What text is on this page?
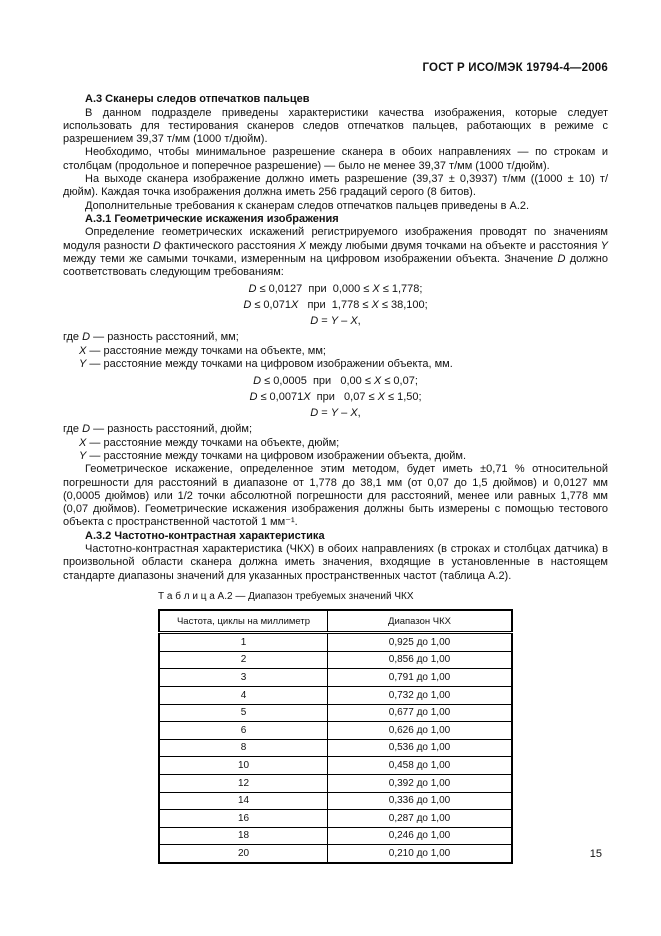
ГОСТ Р ИСО/МЭК 19794-4—2006
А.3 Сканеры следов отпечатков пальцев

В данном подразделе приведены характеристики качества изображения, которые следует использовать для тестирования сканеров следов отпечатков пальцев, работающих в режиме с разрешением 39,37 т/мм (1000 т/дюйм).

Необходимо, чтобы минимальное разрешение сканера в обоих направлениях — по строкам и столбцам (продольное и поперечное разрешение) — было не менее 39,37 т/мм (1000 т/дюйм).

На выходе сканера изображение должно иметь разрешение (39,37 ± 0,3937) т/мм ((1000 ± 10) т/дюйм). Каждая точка изображения должна иметь 256 градаций серого (8 битов).

Дополнительные требования к сканерам следов отпечатков пальцев приведены в А.2.

А.3.1 Геометрические искажения изображения

Определение геометрических искажений регистрируемого изображения проводят по значениям модуля разности D фактического расстояния X между любыми двумя точками на объекте и расстояния Y между теми же самыми точками, измеренным на цифровом изображении объекта. Значение D должно соответствовать следующим требованиям:

D ≤ 0,0127  при  0,000 ≤ X ≤ 1,778;
D ≤ 0,071X   при  1,778 ≤ X ≤ 38,100;
D = Y – X,
где D — разность расстояний, мм;
X — расстояние между точками на объекте, мм;
Y — расстояние между точками на цифровом изображении объекта, мм.
D ≤ 0,0005  при   0,00 ≤ X ≤ 0,07;
D ≤ 0,0071X  при   0,07 ≤ X ≤ 1,50;
D = Y – X,
где D — разность расстояний, дюйм;
X — расстояние между точками на объекте, дюйм;
Y — расстояние между точками на цифровом изображении объекта, дюйм.

Геометрическое искажение, определенное этим методом, будет иметь ±0,71 % относительной погрешности для расстояний в диапазоне от 1,778 до 38,1 мм (от 0,07 до 1,5 дюймов) и 0,0127 мм (0,0005 дюймов) или 1/2 точки абсолютной погрешности для расстояний, менее или равных 1,778 мм (0,07 дюймов). Геометрические искажения изображения должны быть измерены с помощью тестового объекта с пространственной частотой 1 мм⁻¹.

А.3.2 Частотно-контрастная характеристика

Частотно-контрастная характеристика (ЧКХ) в обоих направлениях (в строках и столбцах датчика) в произвольной области сканера должна иметь значения, входящие в установленные в настоящем стандарте диапазоны значений для указанных пространственных частот (таблица А.2).

Т а б л и ц а А.2 — Диапазон требуемых значений ЧКХ
Частота, циклы на миллиметр	Диапазон ЧКХ
1	0,925 до 1,00
2	0,856 до 1,00
3	0,791 до 1,00
4	0,732 до 1,00
5	0,677 до 1,00
6	0,626 до 1,00
8	0,536 до 1,00
10	0,458 до 1,00
12	0,392 до 1,00
14	0,336 до 1,00
16	0,287 до 1,00
18	0,246 до 1,00
20	0,210 до 1,00	15
